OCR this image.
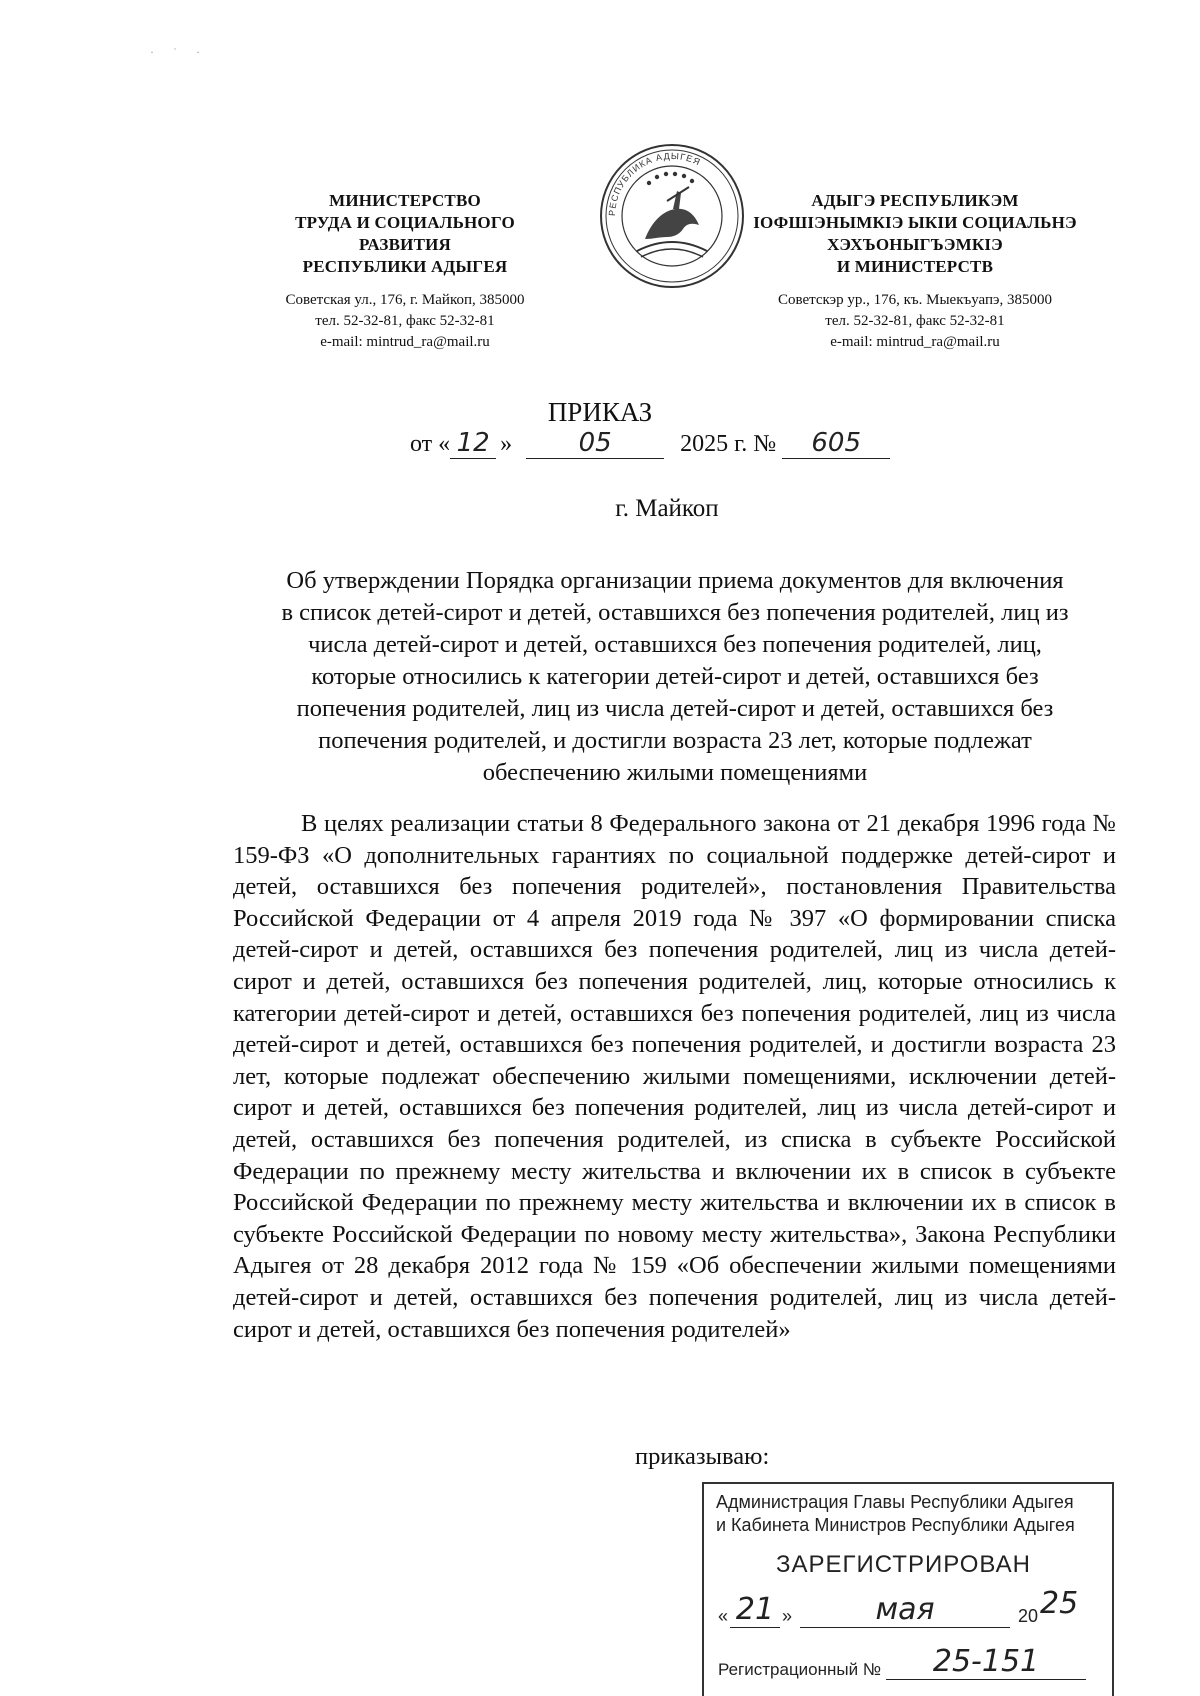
· ˙ ·
МИНИСТЕРСТВО
ТРУДА И СОЦИАЛЬНОГО
РАЗВИТИЯ
РЕСПУБЛИКИ АДЫГЕЯ
Советская ул., 176, г. Майкоп, 385000
тел. 52-32-81, факс 52-32-81
e-mail: mintrud_ra@mail.ru
РЕСПУБЛИКА АДЫГЕЯ
АДЫГЭ РЕСПУБЛИКЭМ
IОФШIЭНЫМКIЭ ЫКIИ СОЦИАЛЬНЭ
ХЭХЪОНЫГЪЭМКIЭ
И МИНИСТЕРСТВ
Советскэр ур., 176, къ. Мыекъуапэ, 385000
тел. 52-32-81, факс 52-32-81
e-mail: mintrud_ra@mail.ru
ПРИКАЗ
от « 12 »	05	2025 г. № 605
г. Майкоп
Об утверждении Порядка организации приема документов для включения
в список детей-сирот и детей, оставшихся без попечения родителей, лиц из
числа детей-сирот и детей, оставшихся без попечения родителей, лиц,
которые относились к категории детей-сирот и детей, оставшихся без
попечения родителей, лиц из числа детей-сирот и детей, оставшихся без
попечения родителей, и достигли возраста 23 лет, которые подлежат
обеспечению жилыми помещениями

В целях реализации статьи 8 Федерального закона от 21 декабря 1996 года № 159-ФЗ «О дополнительных гарантиях по социальной поддержке детей-сирот и детей, оставшихся без попечения родителей», постановления Правительства Российской Федерации от 4 апреля 2019 года № 397 «О формировании списка детей-сирот и детей, оставшихся без попечения родителей, лиц из числа детей-сирот и детей, оставшихся без попечения родителей, лиц, которые относились к категории детей-сирот и детей, оставшихся без попечения родителей, лиц из числа детей-сирот и детей, оставшихся без попечения родителей, и достигли возраста 23 лет, которые подлежат обеспечению жилыми помещениями, исключении детей-сирот и детей, оставшихся без попечения родителей, лиц из числа детей-сирот и детей, оставшихся без попечения родителей, из списка в субъекте Российской Федерации по прежнему месту жительства и включении их в список в субъекте Российской Федерации по прежнему месту жительства и включении их в список в субъекте Российской Федерации по новому месту жительства», Закона Республики Адыгея от 28 декабря 2012 года № 159 «Об обеспечении жилыми помещениями детей-сирот и детей, оставшихся без попечения родителей, лиц из числа детей-сирот и детей, оставшихся без попечения родителей»

приказываю:
Администрация Главы Республики Адыгея
и Кабинета Министров Республики Адыгея
ЗАРЕГИСТРИРОВАН
« 21 »	мая	20 25
Регистрационный №	25-151
